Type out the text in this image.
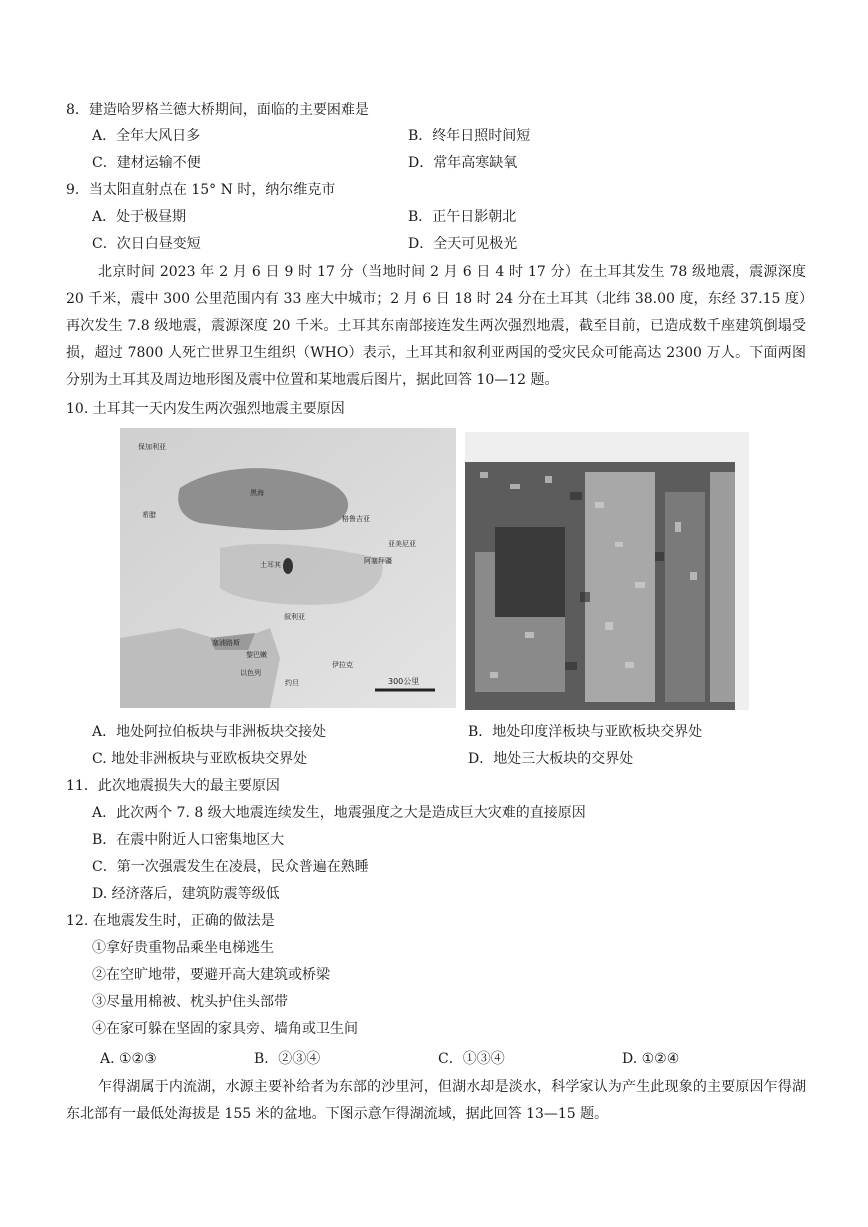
8．建造哈罗格兰德大桥期间，面临的主要困难是
A．全年大风日多	B．终年日照时间短
C．建材运输不便	D．常年高寒缺氧
9．当太阳直射点在 15° N 时，纳尔维克市
A．处于极昼期	B．正午日影朝北
C．次日白昼变短	D．全天可见极光
北京时间 2023 年 2 月 6 日 9 时 17 分（当地时间 2 月 6 日 4 时 17 分）在土耳其发生 78 级地震，震源深度 20 千米，震中 300 公里范围内有 33 座大中城市；2 月 6 日 18 时 24 分在土耳其（北纬 38.00 度，东经 37.15 度）再次发生 7.8 级地震，震源深度 20 千米。土耳其东南部接连发生两次强烈地震，截至目前，已造成数千座建筑倒塌受损，超过 7800 人死亡世界卫生组织（WHO）表示，土耳其和叙利亚两国的受灾民众可能高达 2300 万人。下面两图分别为土耳其及周边地形图及震中位置和某地震后图片，据此回答 10—12 题。
10. 土耳其一天内发生两次强烈地震主要原因
保加利亚
黑海
希腊	格鲁吉亚
亚美尼亚
阿塞拜疆
土耳其
叙利亚
塞浦路斯
伊拉克
约旦
以色列
黎巴嫩
300公里
A．地处阿拉伯板块与非洲板块交接处	B．地处印度洋板块与亚欧板块交界处
C. 地处非洲板块与亚欧板块交界处	D．地处三大板块的交界处
11．此次地震损失大的最主要原因
A．此次两个 7. 8 级大地震连续发生，地震强度之大是造成巨大灾难的直接原因
B．在震中附近人口密集地区大
C．第一次强震发生在凌晨，民众普遍在熟睡
D. 经济落后，建筑防震等级低
12. 在地震发生时，正确的做法是
①拿好贵重物品乘坐电梯逃生
②在空旷地带，要避开高大建筑或桥梁
③尽量用棉被、枕头护住头部带
④在家可躲在坚固的家具旁、墙角或卫生间
A. ①②③	B．②③④	C．①③④	D. ①②④
乍得湖属于内流湖，水源主要补给者为东部的沙里河，但湖水却是淡水，科学家认为产生此现象的主要原因乍得湖东北部有一最低处海拔是 155 米的盆地。下图示意乍得湖流域，据此回答 13—15 题。
